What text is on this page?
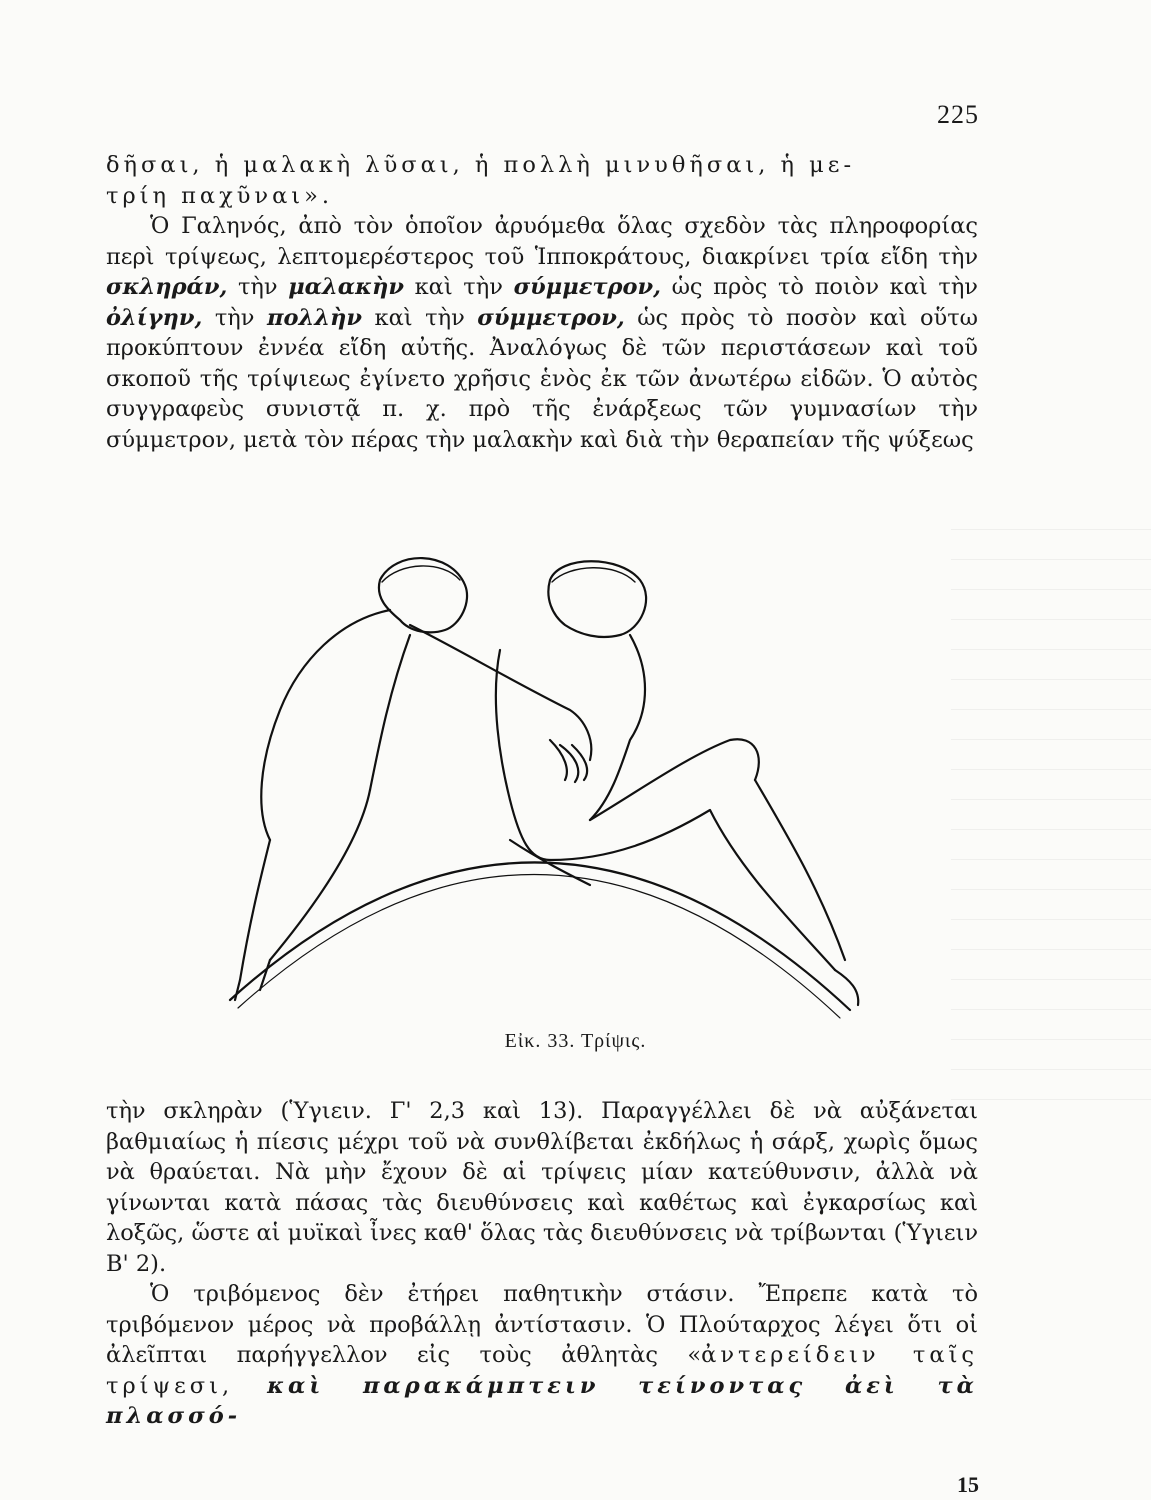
225

δῆσαι, ἡ μαλακὴ λῦσαι, ἡ πολλὴ μινυθῆσαι, ἡ με-

τρίη παχῦναι».

Ὁ Γαληνός, ἀπὸ τὸν ὁποῖον ἀρυόμεθα ὅλας σχεδὸν τὰς πληροφορίας περὶ τρίψεως, λεπτομερέστερος τοῦ Ἱπποκράτους, διακρίνει τρία εἴδη τὴν σκληράν, τὴν μαλακὴν καὶ τὴν σύμμετρον, ὡς πρὸς τὸ ποιὸν καὶ τὴν ὀλίγην, τὴν πολλὴν καὶ τὴν σύμμετρον, ὡς πρὸς τὸ ποσὸν καὶ οὕτω προκύπτουν ἐννέα εἴδη αὐτῆς. Ἀναλόγως δὲ τῶν περιστάσεων καὶ τοῦ σκοποῦ τῆς τρίψιεως ἐγίνετο χρῆσις ἑνὸς ἐκ τῶν ἀνωτέρω εἰδῶν. Ὁ αὐτὸς συγγραφεὺς συνιστᾷ π. χ. πρὸ τῆς ἐνάρξεως τῶν γυμνασίων τὴν σύμμετρον, μετὰ τὸν πέρας τὴν μαλακὴν καὶ διὰ τὴν θεραπείαν τῆς ψύξεως

Εἰκ. 33. Τρίψις.

τὴν σκληρὰν (Ὑγιειν. Γ' 2,3 καὶ 13). Παραγγέλλει δὲ νὰ αὐξάνεται βαθμιαίως ἡ πίεσις μέχρι τοῦ νὰ συνθλίβεται ἐκδήλως ἡ σάρξ, χωρὶς ὅμως νὰ θραύεται. Νὰ μὴν ἔχουν δὲ αἱ τρίψεις μίαν κατεύθυνσιν, ἀλλὰ νὰ γίνωνται κατὰ πάσας τὰς διευθύνσεις καὶ καθέτως καὶ ἐγκαρσίως καὶ λοξῶς, ὥστε αἱ μυϊκαὶ ἶνες καθ' ὅλας τὰς διευθύνσεις νὰ τρίβωνται (Ὑγιειν Β' 2).

Ὁ τριβόμενος δὲν ἐτήρει παθητικὴν στάσιν. Ἔπρεπε κατὰ τὸ τριβόμενον μέρος νὰ προβάλλῃ ἀντίστασιν. Ὁ Πλούταρχος λέγει ὅτι οἱ ἀλεῖπται παρήγγελλον εἰς τοὺς ἀθλητὰς «ἀντερείδειν ταῖς τρίψεσι, καὶ παρακάμπτειν τείνοντας ἀεὶ τὰ πλασσό-

15
